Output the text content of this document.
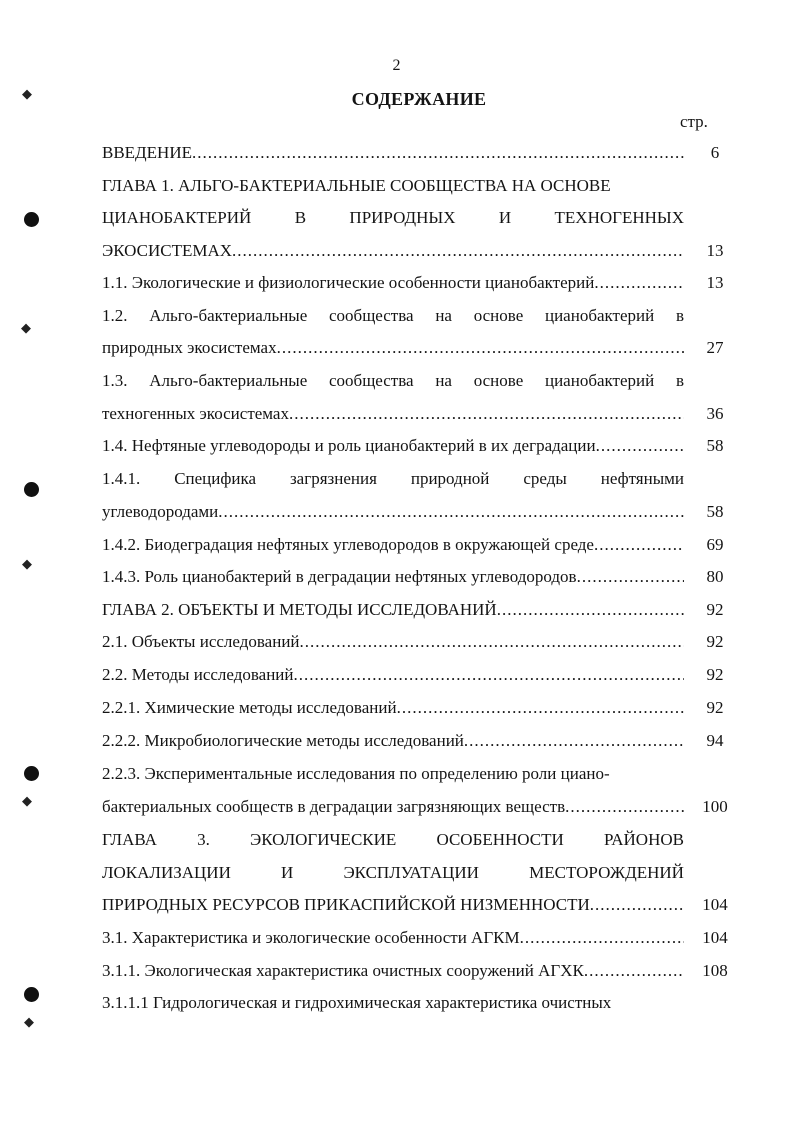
2
СОДЕРЖАНИЕ
стр.
ВВЕДЕНИЕ .....	6
ГЛАВА 1. АЛЬГО-БАКТЕРИАЛЬНЫЕ СООБЩЕСТВА НА ОСНОВЕ
ЦИАНОБАКТЕРИЙ	В	ПРИРОДНЫХ	И	ТЕХНОГЕННЫХ
ЭКОСИСТЕМАХ .....	13
1.1. Экологические и физиологические особенности цианобактерий .....	13
1.2. Альго-бактериальные сообщества на основе цианобактерий в
природных экосистемах .....	27
1.3. Альго-бактериальные сообщества на основе цианобактерий в
техногенных экосистемах .....	36
1.4. Нефтяные углеводороды и роль цианобактерий в их деградации .....	58
1.4.1. Специфика загрязнения природной среды нефтяными
углеводородами .....	58
1.4.2. Биодеградация нефтяных углеводородов в окружающей среде .....	69
1.4.3. Роль цианобактерий в деградации нефтяных углеводородов .....	80
ГЛАВА 2. ОБЪЕКТЫ И МЕТОДЫ ИССЛЕДОВАНИЙ .....	92
2.1. Объекты исследований .....	92
2.2. Методы исследований .....	92
2.2.1. Химические методы исследований .....	92
2.2.2. Микробиологические методы исследований .....	94
2.2.3. Экспериментальные исследования по определению роли циано-
бактериальных сообществ в деградации загрязняющих веществ .....	100
ГЛАВА 3. ЭКОЛОГИЧЕСКИЕ ОСОБЕННОСТИ РАЙОНОВ
ЛОКАЛИЗАЦИИ	И	ЭКСПЛУАТАЦИИ	МЕСТОРОЖДЕНИЙ
ПРИРОДНЫХ РЕСУРСОВ ПРИКАСПИЙСКОЙ НИЗМЕННОСТИ .....	104
3.1. Характеристика и экологические особенности АГКМ .....	104
3.1.1. Экологическая характеристика очистных сооружений АГХК .....	108
3.1.1.1 Гидрологическая и гидрохимическая характеристика очистных
◆
◆
◆
◆
◆
